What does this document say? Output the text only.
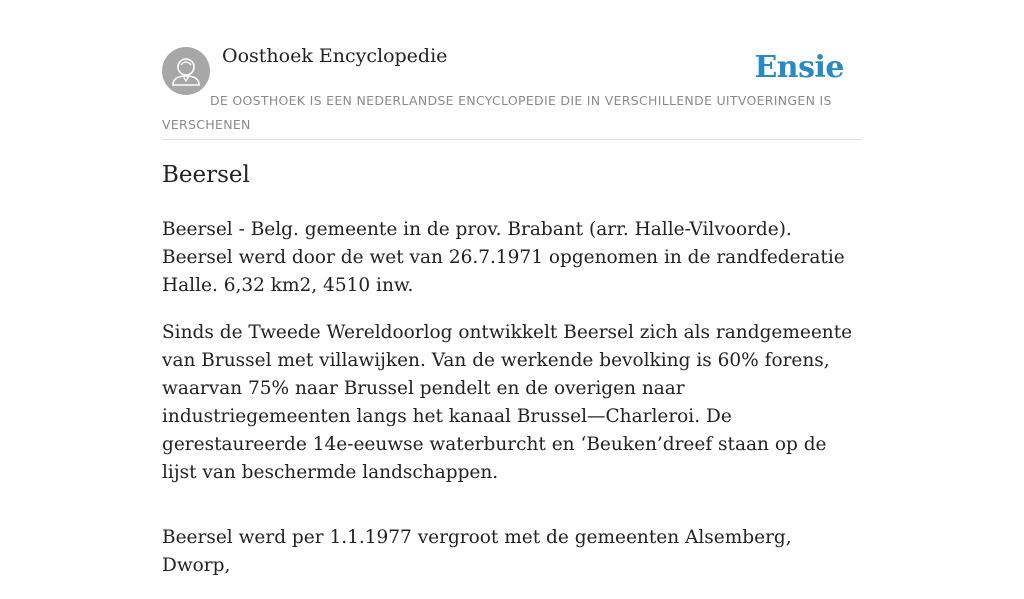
Oosthoek Encyclopedie	Ensie
DE OOSTHOEK IS EEN NEDERLANDSE ENCYCLOPEDIE DIE IN VERSCHILLENDE UITVOERINGEN IS VERSCHENEN
Beersel

Beersel - Belg. gemeente in de prov. Brabant (arr. Halle-Vilvoorde). Beersel werd door de wet van 26.7.1971 opgenomen in de randfederatie Halle. 6,32 km2, 4510 inw.

Sinds de Tweede Wereldoorlog ontwikkelt Beersel zich als randgemeente van Brussel met villawijken. Van de werkende bevolking is 60% forens, waarvan 75% naar Brussel pendelt en de overigen naar industriegemeenten langs het kanaal Brussel—Charleroi. De gerestaureerde 14e-eeuwse waterburcht en ‘Beuken’dreef staan op de lijst van beschermde landschappen.

Beersel werd per 1.1.1977 vergroot met de gemeenten Alsemberg, Dworp,
